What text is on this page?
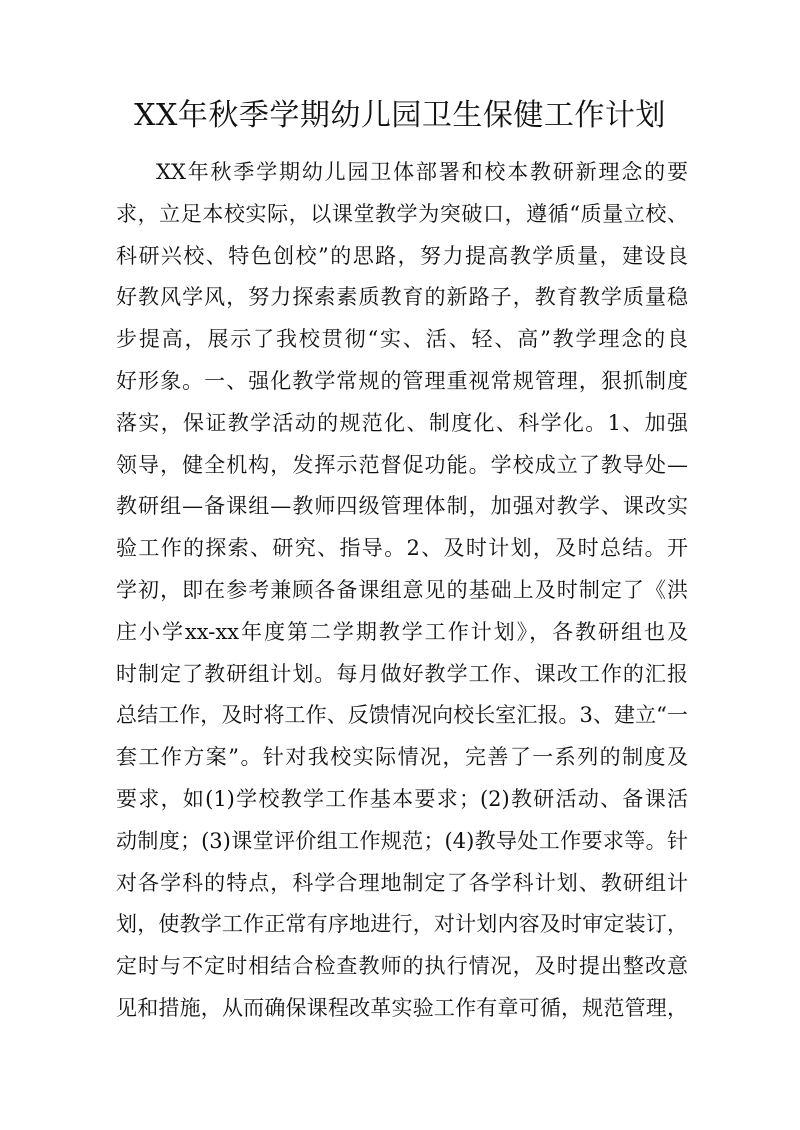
XX年秋季学期幼儿园卫生保健工作计划
XX年秋季学期幼儿园卫体部署和校本教研新理念的要
求，立足本校实际，以课堂教学为突破口，遵循“质量立校、
科研兴校、特色创校”的思路，努力提高教学质量，建设良
好教风学风，努力探索素质教育的新路子，教育教学质量稳
步提高，展示了我校贯彻“实、活、轻、高”教学理念的良
好形象。一、强化教学常规的管理重视常规管理，狠抓制度
落实，保证教学活动的规范化、制度化、科学化。1、加强
领导，健全机构，发挥示范督促功能。学校成立了教导处—
教研组—备课组—教师四级管理体制，加强对教学、课改实
验工作的探索、研究、指导。2、及时计划，及时总结。开
学初，即在参考兼顾各备课组意见的基础上及时制定了《洪
庄小学xx-xx年度第二学期教学工作计划》，各教研组也及
时制定了教研组计划。每月做好教学工作、课改工作的汇报
总结工作，及时将工作、反馈情况向校长室汇报。3、建立“一
套工作方案”。针对我校实际情况，完善了一系列的制度及
要求，如(1)学校教学工作基本要求；(2)教研活动、备课活
动制度；(3)课堂评价组工作规范；(4)教导处工作要求等。针
对各学科的特点，科学合理地制定了各学科计划、教研组计
划，使教学工作正常有序地进行，对计划内容及时审定装订，
定时与不定时相结合检查教师的执行情况，及时提出整改意
见和措施，从而确保课程改革实验工作有章可循，规范管理，
